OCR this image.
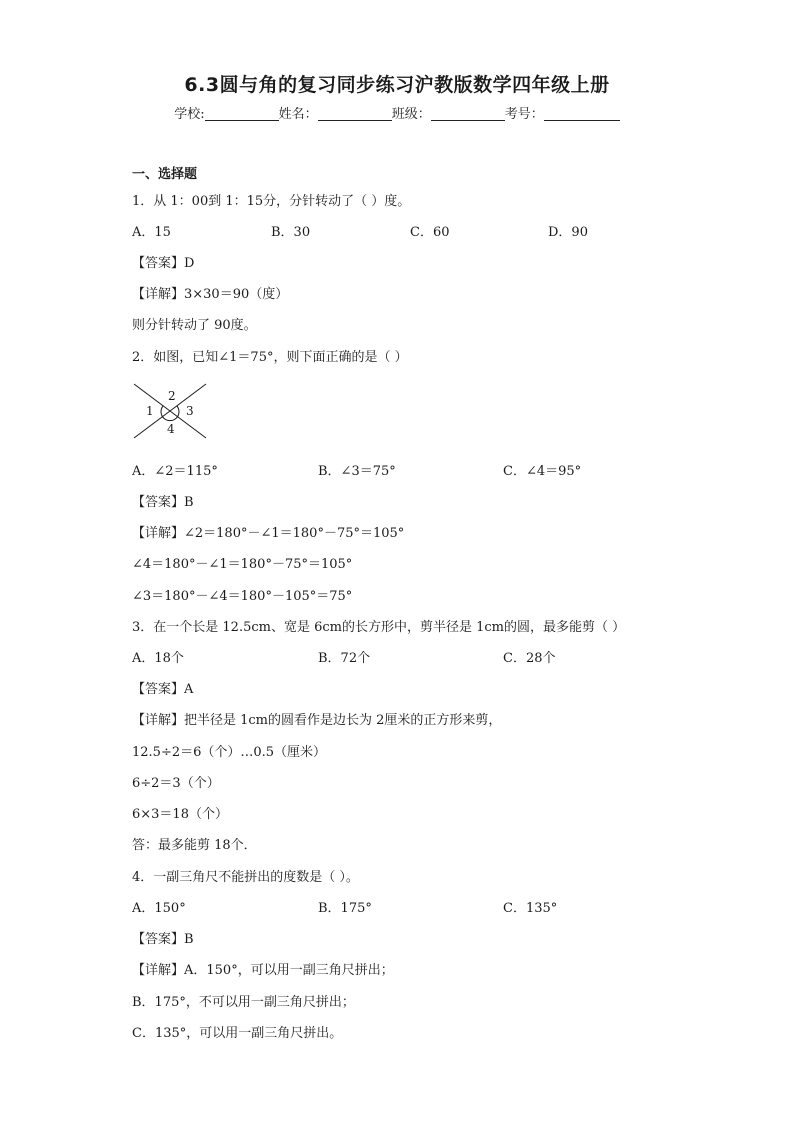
6.3圆与角的复习同步练习沪教版数学四年级上册
学校:	姓名：	班级：	考号：
一、选择题
1．从 1：00到 1：15分，分针转动了（ ）度。
A．15	B．30	C．60	D．90
【答案】D
【详解】3×30＝90（度）
则分针转动了 90度。
2．如图，已知∠1＝75°，则下面正确的是（ ）
1
2
3
4
A．∠2＝115°	B．∠3＝75°	C．∠4＝95°
【答案】B
【详解】∠2＝180°－∠1＝180°－75°＝105°
∠4＝180°－∠1＝180°－75°＝105°
∠3＝180°－∠4＝180°－105°＝75°
3．在一个长是 12.5cm、宽是 6cm的长方形中，剪半径是 1cm的圆，最多能剪（ ）
A．18个	B．72个	C．28个
【答案】A
【详解】把半径是 1cm的圆看作是边长为 2厘米的正方形来剪，
12.5÷2＝6（个）…0.5（厘米）
6÷2＝3（个）
6×3＝18（个）
答：最多能剪 18个．
4．一副三角尺不能拼出的度数是（ ）。
A．150°	B．175°	C．135°
【答案】B
【详解】A．150°，可以用一副三角尺拼出；
B．175°，不可以用一副三角尺拼出；
C．135°，可以用一副三角尺拼出。
